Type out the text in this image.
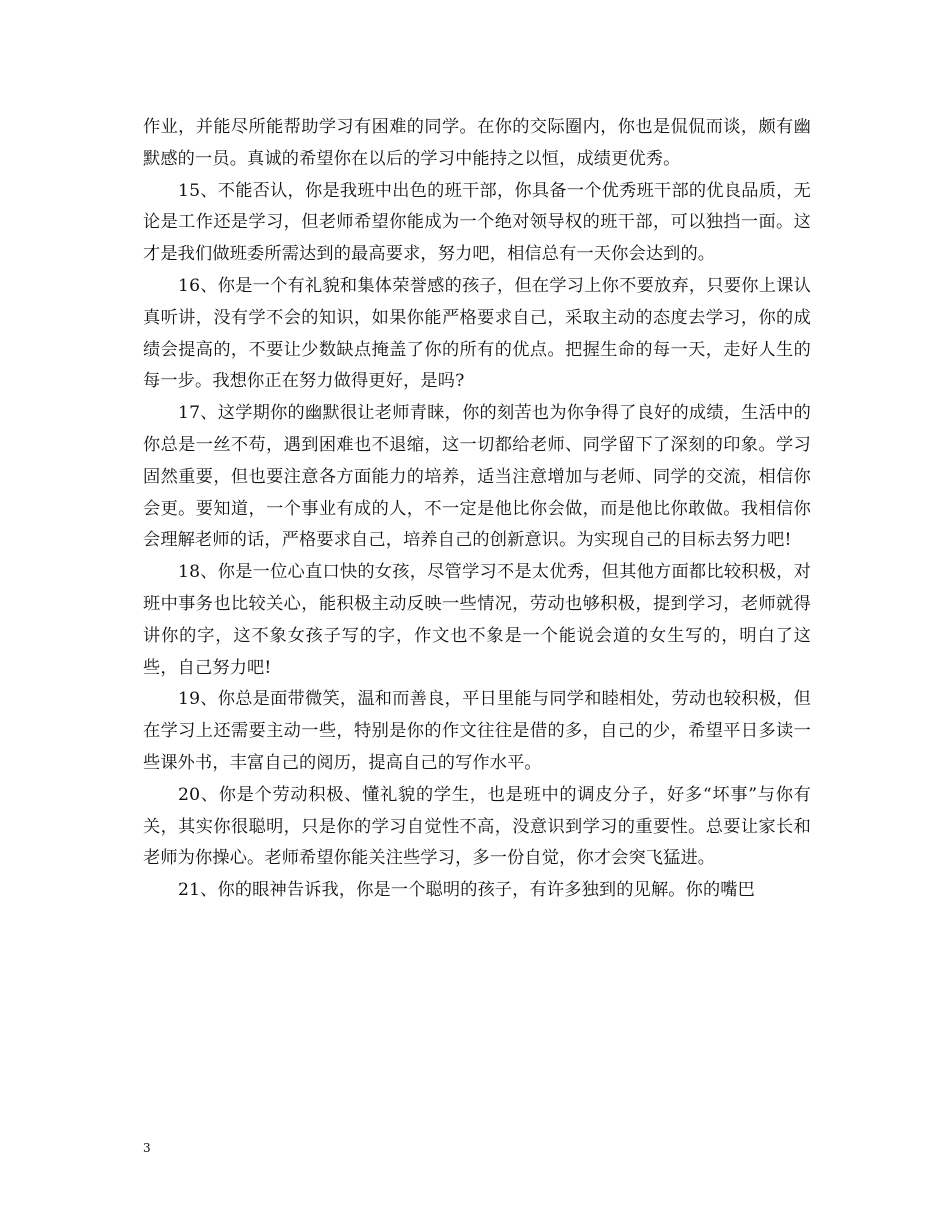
作业，并能尽所能帮助学习有困难的同学。在你的交际圈内，你也是侃侃而谈，颇有幽默感的一员。真诚的希望你在以后的学习中能持之以恒，成绩更优秀。

15、不能否认，你是我班中出色的班干部，你具备一个优秀班干部的优良品质，无论是工作还是学习，但老师希望你能成为一个绝对领导权的班干部，可以独挡一面。这才是我们做班委所需达到的最高要求，努力吧，相信总有一天你会达到的。

16、你是一个有礼貌和集体荣誉感的孩子，但在学习上你不要放弃，只要你上课认真听讲，没有学不会的知识，如果你能严格要求自己，采取主动的态度去学习，你的成绩会提高的，不要让少数缺点掩盖了你的所有的优点。把握生命的每一天，走好人生的每一步。我想你正在努力做得更好，是吗?

17、这学期你的幽默很让老师青睐，你的刻苦也为你争得了良好的成绩，生活中的你总是一丝不苟，遇到困难也不退缩，这一切都给老师、同学留下了深刻的印象。学习固然重要，但也要注意各方面能力的培养，适当注意增加与老师、同学的交流，相信你会更。要知道，一个事业有成的人，不一定是他比你会做，而是他比你敢做。我相信你会理解老师的话，严格要求自己，培养自己的创新意识。为实现自己的目标去努力吧!

18、你是一位心直口快的女孩，尽管学习不是太优秀，但其他方面都比较积极，对班中事务也比较关心，能积极主动反映一些情况，劳动也够积极，提到学习，老师就得讲你的字，这不象女孩子写的字，作文也不象是一个能说会道的女生写的，明白了这些，自己努力吧!

19、你总是面带微笑，温和而善良，平日里能与同学和睦相处，劳动也较积极，但在学习上还需要主动一些，特别是你的作文往往是借的多，自己的少，希望平日多读一些课外书，丰富自己的阅历，提高自己的写作水平。

20、你是个劳动积极、懂礼貌的学生，也是班中的调皮分子，好多“坏事”与你有关，其实你很聪明，只是你的学习自觉性不高，没意识到学习的重要性。总要让家长和老师为你操心。老师希望你能关注些学习，多一份自觉，你才会突飞猛进。

21、你的眼神告诉我，你是一个聪明的孩子，有许多独到的见解。你的嘴巴

3
